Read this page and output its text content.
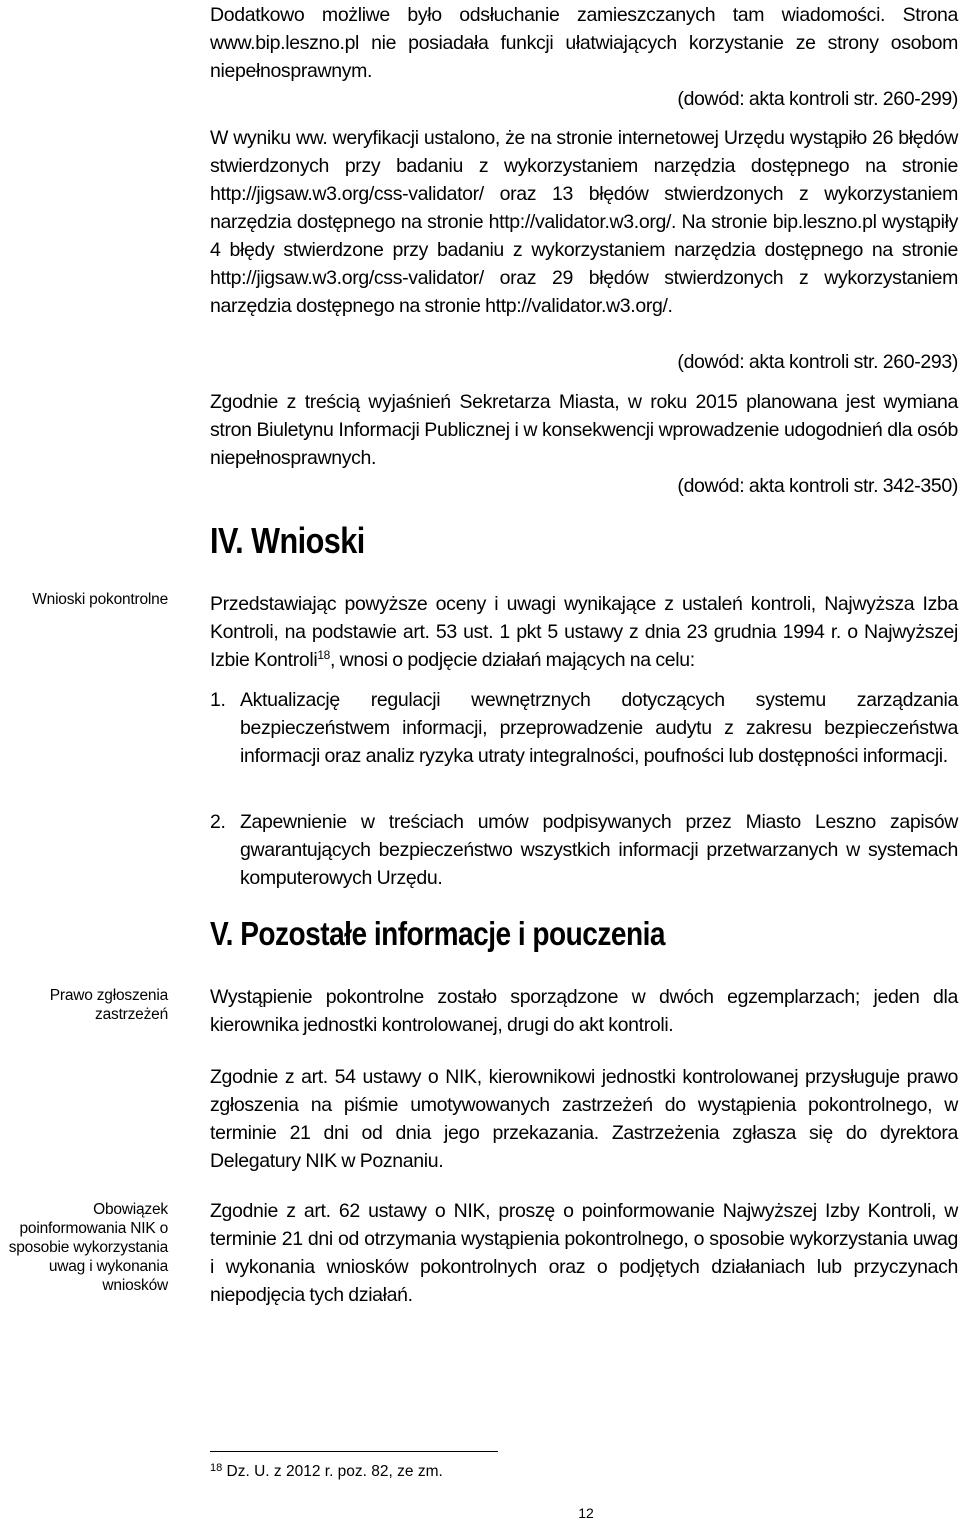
Dodatkowo możliwe było odsłuchanie zamieszczanych tam wiadomości. Strona www.bip.leszno.pl nie posiadała funkcji ułatwiających korzystanie ze strony osobom niepełnosprawnym.

(dowód: akta kontroli str. 260-299)

W wyniku ww. weryfikacji ustalono, że na stronie internetowej Urzędu wystąpiło 26 błędów stwierdzonych przy badaniu z wykorzystaniem narzędzia dostępnego na stronie http://jigsaw.w3.org/css-validator/ oraz 13 błędów stwierdzonych z wykorzystaniem narzędzia dostępnego na stronie http://validator.w3.org/. Na stronie bip.leszno.pl wystąpiły 4 błędy stwierdzone przy badaniu z wykorzystaniem narzędzia dostępnego na stronie http://jigsaw.w3.org/css-validator/ oraz 29 błędów stwierdzonych z wykorzystaniem narzędzia dostępnego na stronie http://validator.w3.org/.

(dowód: akta kontroli str. 260-293)

Zgodnie z treścią wyjaśnień Sekretarza Miasta, w roku 2015 planowana jest wymiana stron Biuletynu Informacji Publicznej i w konsekwencji wprowadzenie udogodnień dla osób niepełnosprawnych.

(dowód: akta kontroli str. 342-350)

IV. Wnioski
Wnioski pokontrolne Przedstawiając powyższe oceny i uwagi wynikające z ustaleń kontroli, Najwyższa Izba Kontroli, na podstawie art. 53 ust. 1 pkt 5 ustawy z dnia 23 grudnia 1994 r. o Najwyższej Izbie Kontroli$^{18}$, wnosi o podjęcie działań mających na celu:

1. Aktualizację regulacji wewnętrznych dotyczących systemu zarządzania bezpieczeństwem informacji, przeprowadzenie audytu z zakresu bezpieczeństwa informacji oraz analiz ryzyka utraty integralności, poufności lub dostępności informacji.

2. Zapewnienie w treściach umów podpisywanych przez Miasto Leszno zapisów gwarantujących bezpieczeństwo wszystkich informacji przetwarzanych w systemach komputerowych Urzędu.

V. Pozostałe informacje i pouczenia
Prawo zgłoszenia zastrzeżeń

Wystąpienie pokontrolne zostało sporządzone w dwóch egzemplarzach; jeden dla kierownika jednostki kontrolowanej, drugi do akt kontroli.

Zgodnie z art. 54 ustawy o NIK, kierownikowi jednostki kontrolowanej przysługuje prawo zgłoszenia na piśmie umotywowanych zastrzeżeń do wystąpienia pokontrolnego, w terminie 21 dni od dnia jego przekazania. Zastrzeżenia zgłasza się do dyrektora Delegatury NIK w Poznaniu.

Obowiązek poinformowania NIK o sposobie wykorzystania uwag i wykonania wniosków

Zgodnie z art. 62 ustawy o NIK, proszę o poinformowanie Najwyższej Izby Kontroli, w terminie 21 dni od otrzymania wystąpienia pokontrolnego, o sposobie wykorzystania uwag i wykonania wniosków pokontrolnych oraz o podjętych działaniach lub przyczynach niepodjęcia tych działań.

$^{18}$ Dz. U. z 2012 r. poz. 82, ze zm.
12
